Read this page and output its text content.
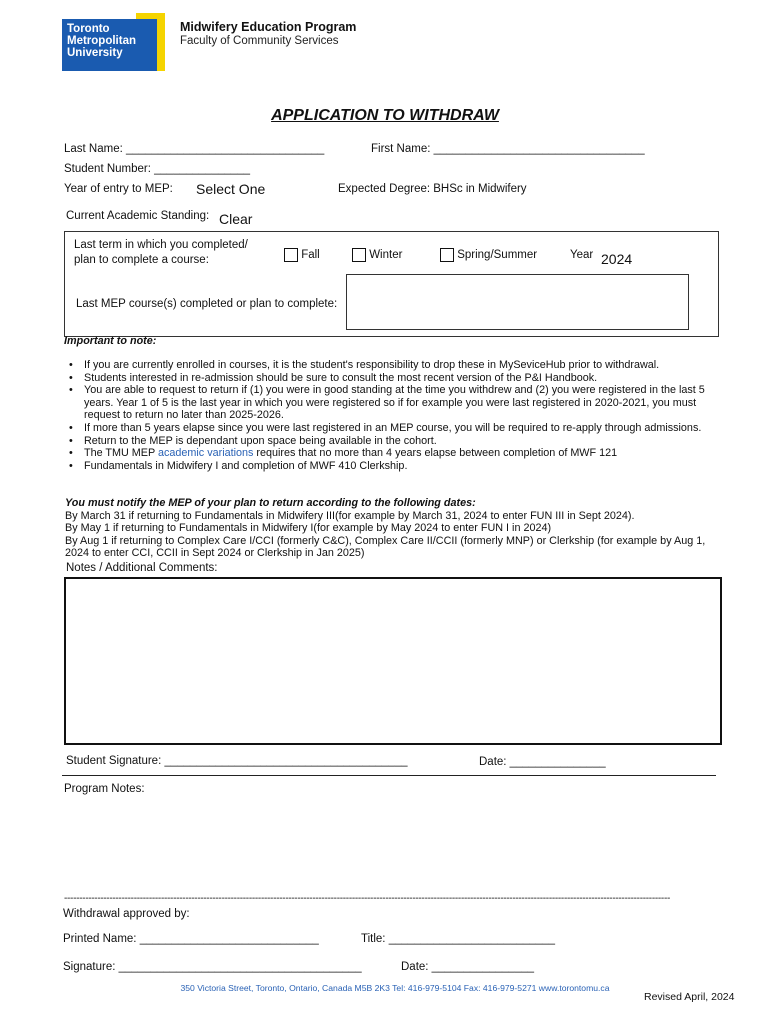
Toronto
Metropolitan
University
Midwifery Education Program
Faculty of Community Services
APPLICATION TO WITHDRAW
Last Name: _______________________________	First Name: _________________________________
Student Number: _______________
Year of entry to MEP: Select One	Expected Degree: BHSc in Midwifery
Current Academic Standing: Clear
Last term in which you completed/
plan to complete a course:	Fall	Winter	Spring/Summer	Year 2024
Last MEP course(s) completed or plan to complete:
Important to note:
• If you are currently enrolled in courses, it is the student's responsibility to drop these in MySeviceHub prior to withdrawal.
• Students interested in re-admission should be sure to consult the most recent version of the P&I Handbook.
• You are able to request to return if (1) you were in good standing at the time you withdrew and (2) you were registered in the last 5 years. Year 1 of 5 is the last year in which you were registered so if for example you were last registered in 2020-2021, you must request to return no later than 2025-2026.
• If more than 5 years elapse since you were last registered in an MEP course, you will be required to re-apply through admissions.
• Return to the MEP is dependant upon space being available in the cohort.
• The TMU MEP academic variations requires that no more than 4 years elapse between completion of MWF 121
• Fundamentals in Midwifery I and completion of MWF 410 Clerkship.
You must notify the MEP of your plan to return according to the following dates:
By March 31 if returning to Fundamentals in Midwifery III(for example by March 31, 2024 to enter FUN III in Sept 2024).
By May 1 if returning to Fundamentals in Midwifery I(for example by May 2024 to enter FUN I in 2024)
By Aug 1 if returning to Complex Care I/CCI (formerly C&C), Complex Care II/CCII (formerly MNP) or Clerkship (for example by Aug 1, 2024 to enter CCI, CCII in Sept 2024 or Clerkship in Jan 2025)
Notes / Additional Comments:
Student Signature: ______________________________________	Date: _______________
Program Notes:
--------------------------------------------------------------------------------------------------------------------------------------------------------------------------------------------------------
Withdrawal approved by:
Printed Name: ____________________________	Title: __________________________
Signature: ______________________________________	Date: ________________
350 Victoria Street, Toronto, Ontario, Canada M5B 2K3 Tel: 416-979-5104 Fax: 416-979-5271 www.torontomu.ca
Revised April, 2024
